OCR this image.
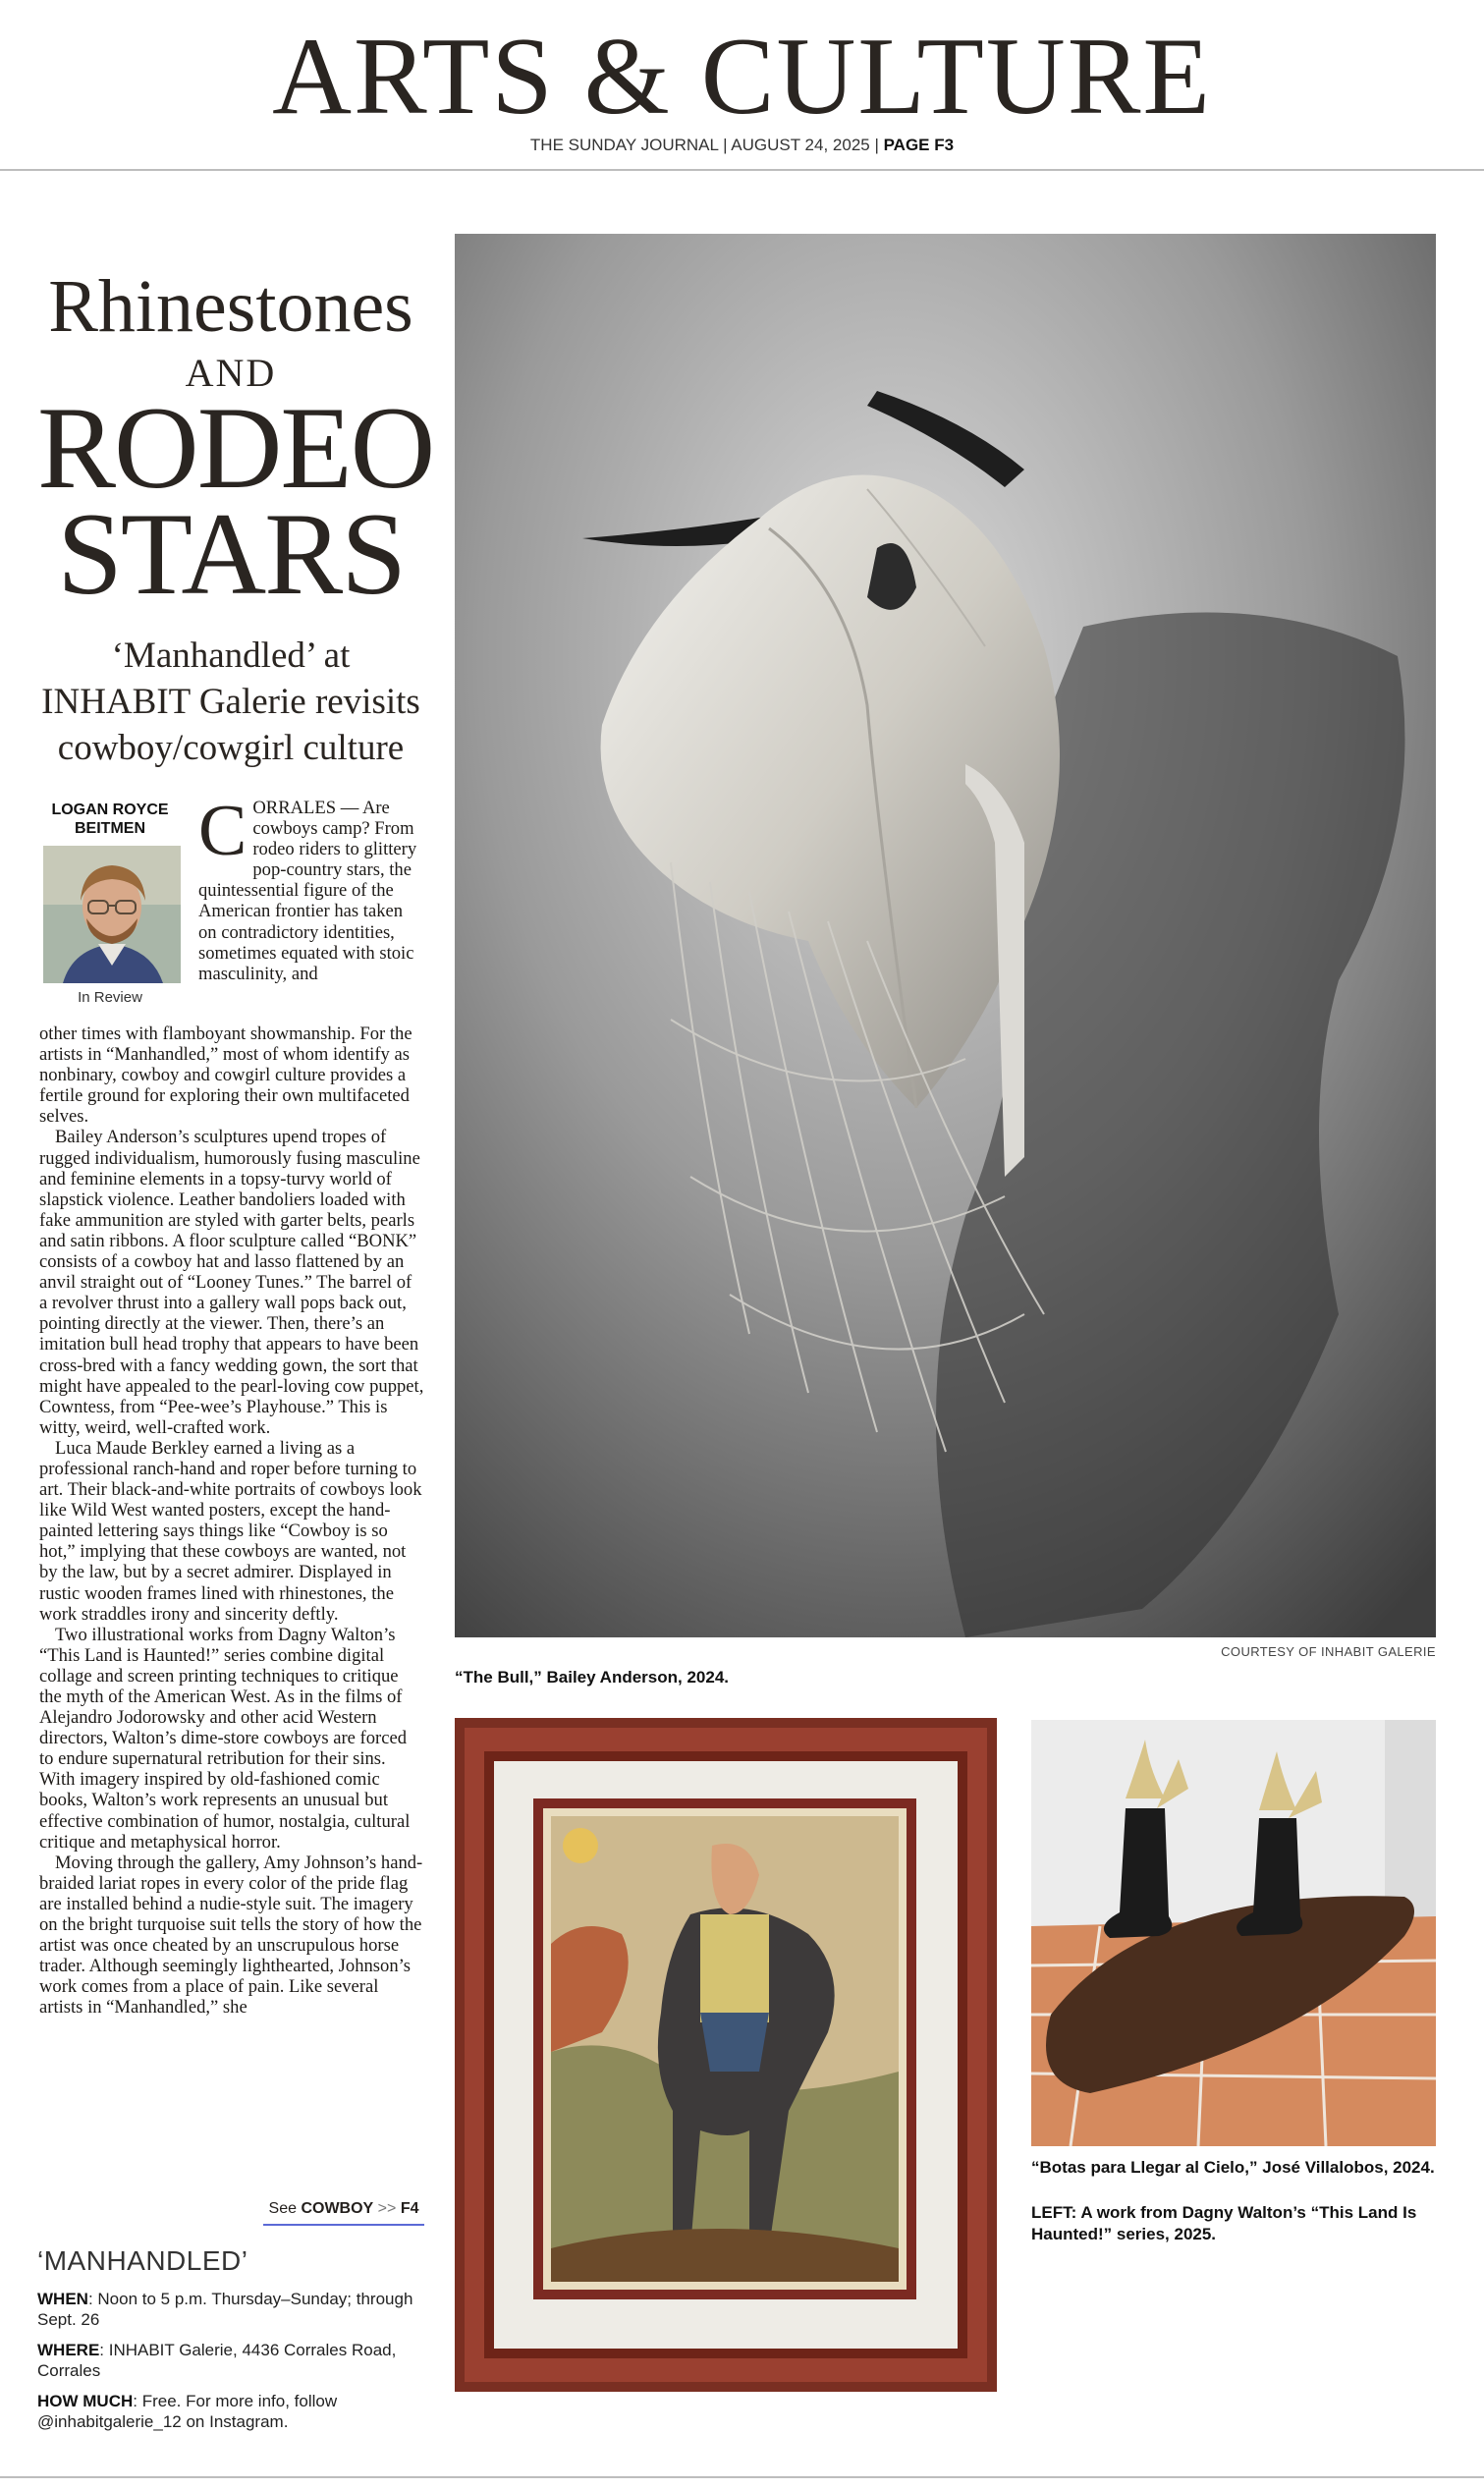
ARTS & CULTURE
THE SUNDAY JOURNAL | AUGUST 24, 2025 | PAGE F3
Rhinestones
AND
RODEO
STARS
‘Manhandled’ at INHABIT Galerie revisits cowboy/cowgirl culture
LOGAN ROYCE BEITMEN
In Review
CORRALES — Are cowboys camp? From rodeo riders to glittery pop-country stars, the quintessential figure of the American frontier has taken on contradictory identities, sometimes equated with stoic masculinity, and

other times with flamboyant showmanship. For the artists in “Manhandled,” most of whom identify as nonbinary, cowboy and cowgirl culture provides a fertile ground for exploring their own multifaceted selves.

Bailey Anderson’s sculptures upend tropes of rugged individualism, humorously fusing masculine and feminine elements in a topsy-turvy world of slapstick violence. Leather bandoliers loaded with fake ammunition are styled with garter belts, pearls and satin ribbons. A floor sculpture called “BONK” consists of a cowboy hat and lasso flattened by an anvil straight out of “Looney Tunes.” The barrel of a revolver thrust into a gallery wall pops back out, pointing directly at the viewer. Then, there’s an imitation bull head trophy that appears to have been cross-bred with a fancy wedding gown, the sort that might have appealed to the pearl-loving cow puppet, Cowntess, from “Pee-wee’s Playhouse.” This is witty, weird, well-crafted work.

Luca Maude Berkley earned a living as a professional ranch-hand and roper before turning to art. Their black-and-white portraits of cowboys look like Wild West wanted posters, except the hand-painted lettering says things like “Cowboy is so hot,” implying that these cowboys are wanted, not by the law, but by a secret admirer. Displayed in rustic wooden frames lined with rhinestones, the work straddles irony and sincerity deftly.

Two illustrational works from Dagny Walton’s “This Land is Haunted!” series combine digital collage and screen printing techniques to critique the myth of the American West. As in the films of Alejandro Jodorowsky and other acid Western directors, Walton’s dime-store cowboys are forced to endure supernatural retribution for their sins. With imagery inspired by old-fashioned comic books, Walton’s work represents an unusual but effective combination of humor, nostalgia, cultural critique and metaphysical horror.

Moving through the gallery, Amy Johnson’s hand-braided lariat ropes in every color of the pride flag are installed behind a nudie-style suit. The imagery on the bright turquoise suit tells the story of how the artist was once cheated by an unscrupulous horse trader. Although seemingly lighthearted, Johnson’s work comes from a place of pain. Like several artists in “Manhandled,” she

See COWBOY >> F4
‘MANHANDLED’
WHEN: Noon to 5 p.m. Thursday–Sunday; through Sept. 26
WHERE: INHABIT Galerie, 4436 Corrales Road, Corrales
HOW MUCH: Free. For more info, follow @inhabitgalerie_12 on Instagram.
COURTESY OF INHABIT GALERIE
“The Bull,” Bailey Anderson, 2024.
“Botas para Llegar al Cielo,” José Villalobos, 2024.
LEFT: A work from Dagny Walton’s “This Land Is Haunted!” series, 2025.
